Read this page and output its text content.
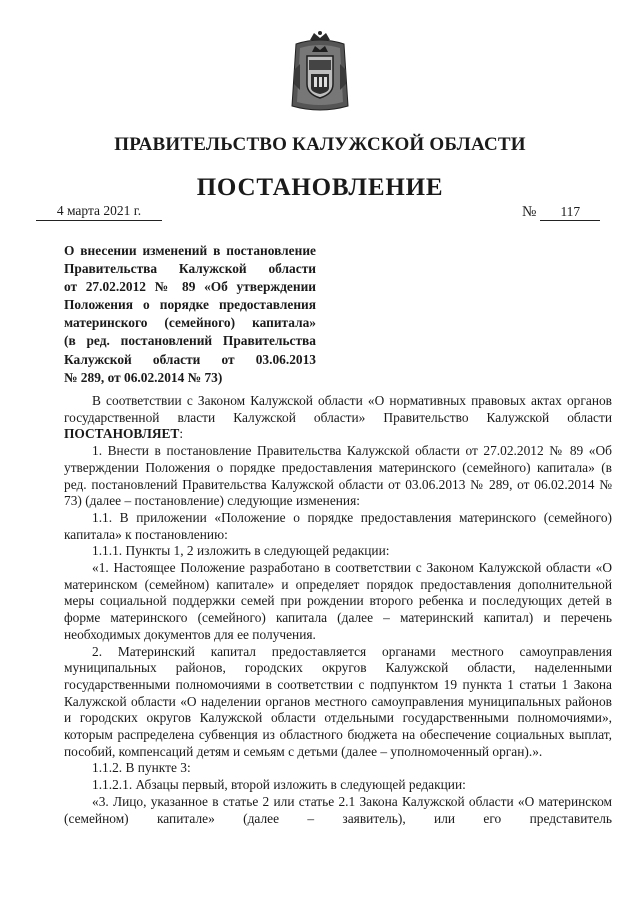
ПРАВИТЕЛЬСТВО КАЛУЖСКОЙ ОБЛАСТИ
ПОСТАНОВЛЕНИЕ
4 марта 2021 г.	№ 117
О внесении изменений в постановление
Правительства Калужской области
от 27.02.2012 № 89 «Об утверждении
Положения о порядке предоставления
материнского (семейного) капитала»
(в ред. постановлений Правительства
Калужской области от 03.06.2013
№ 289, от 06.02.2014 № 73)

В соответствии с Законом Калужской области «О нормативных правовых актах органов государственной власти Калужской области» Правительство Калужской области ПОСТАНОВЛЯЕТ:

1. Внести в постановление Правительства Калужской области от 27.02.2012 № 89 «Об утверждении Положения о порядке предоставления материнского (семейного) капитала» (в ред. постановлений Правительства Калужской области от 03.06.2013 № 289, от 06.02.2014 № 73) (далее – постановление) следующие изменения:

1.1. В приложении «Положение о порядке предоставления материнского (семейного) капитала» к постановлению:

1.1.1. Пункты 1, 2 изложить в следующей редакции:

«1. Настоящее Положение разработано в соответствии с Законом Калужской области «О материнском (семейном) капитале» и определяет порядок предоставления дополнительной меры социальной поддержки семей при рождении второго ребенка и последующих детей в форме материнского (семейного) капитала (далее – материнский капитал) и перечень необходимых документов для ее получения.

2. Материнский капитал предоставляется органами местного самоуправления муниципальных районов, городских округов Калужской области, наделенными государственными полномочиями в соответствии с подпунктом 19 пункта 1 статьи 1 Закона Калужской области «О наделении органов местного самоуправления муниципальных районов и городских округов Калужской области отдельными государственными полномочиями», которым распределена субвенция из областного бюджета на обеспечение социальных выплат, пособий, компенсаций детям и семьям с детьми (далее – уполномоченный орган).».

1.1.2. В пункте 3:

1.1.2.1. Абзацы первый, второй изложить в следующей редакции:

«3. Лицо, указанное в статье 2 или статье 2.1 Закона Калужской области «О материнском (семейном) капитале» (далее – заявитель), или его представитель
